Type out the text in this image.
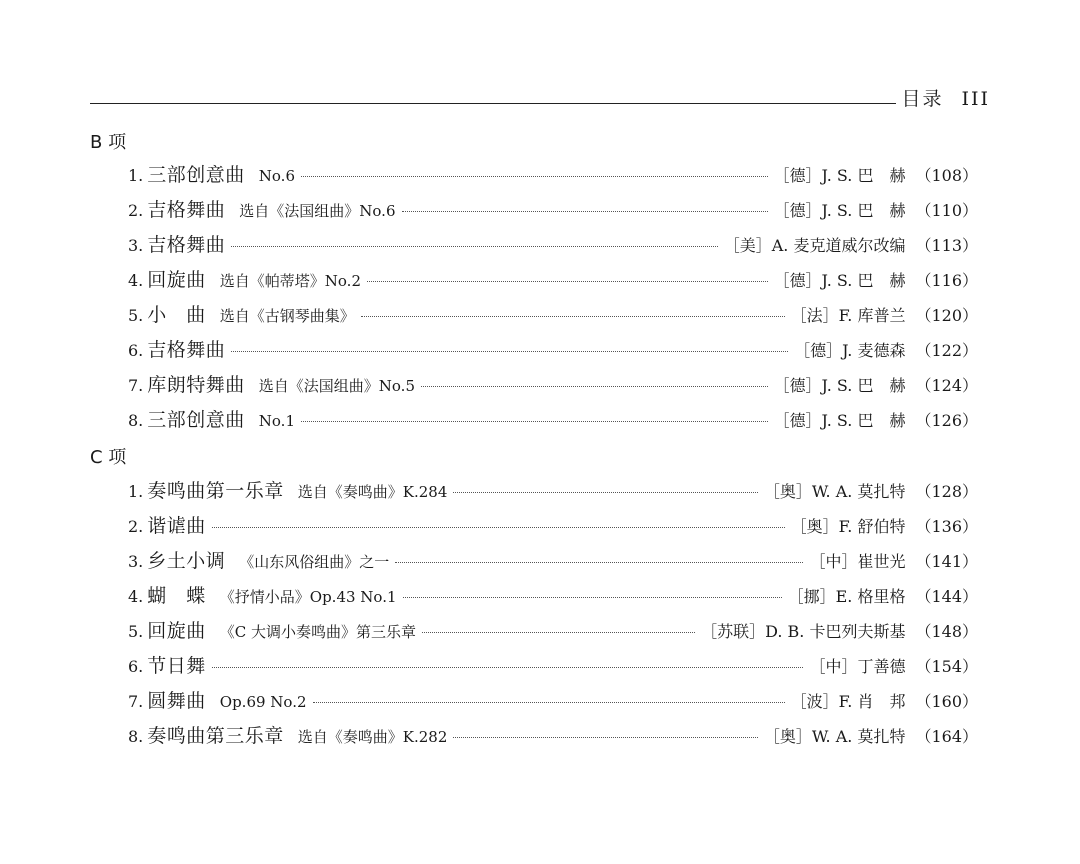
目录 III
B 项
1. 三部创意曲 No.6	［德］J. S. 巴　赫 （108）
2. 吉格舞曲 选自《法国组曲》No.6	［德］J. S. 巴　赫 （110）
3. 吉格舞曲	［美］A. 麦克道威尔改编 （113）
4. 回旋曲 选自《帕蒂塔》No.2	［德］J. S. 巴　赫 （116）
5. 小　曲 选自《古钢琴曲集》	［法］F. 库普兰 （120）
6. 吉格舞曲	［德］J. 麦德森 （122）
7. 库朗特舞曲 选自《法国组曲》No.5	［德］J. S. 巴　赫 （124）
8. 三部创意曲 No.1	［德］J. S. 巴　赫 （126）
C 项
1. 奏鸣曲第一乐章 选自《奏鸣曲》K.284	［奥］W. A. 莫扎特 （128）
2. 谐谑曲	［奥］F. 舒伯特 （136）
3. 乡土小调 《山东风俗组曲》之一	［中］崔世光 （141）
4. 蝴　蝶 《抒情小品》Op.43 No.1	［挪］E. 格里格 （144）
5. 回旋曲 《C 大调小奏鸣曲》第三乐章	［苏联］D. B. 卡巴列夫斯基 （148）
6. 节日舞	［中］丁善德 （154）
7. 圆舞曲 Op.69 No.2	［波］F. 肖　邦 （160）
8. 奏鸣曲第三乐章 选自《奏鸣曲》K.282	［奥］W. A. 莫扎特 （164）
